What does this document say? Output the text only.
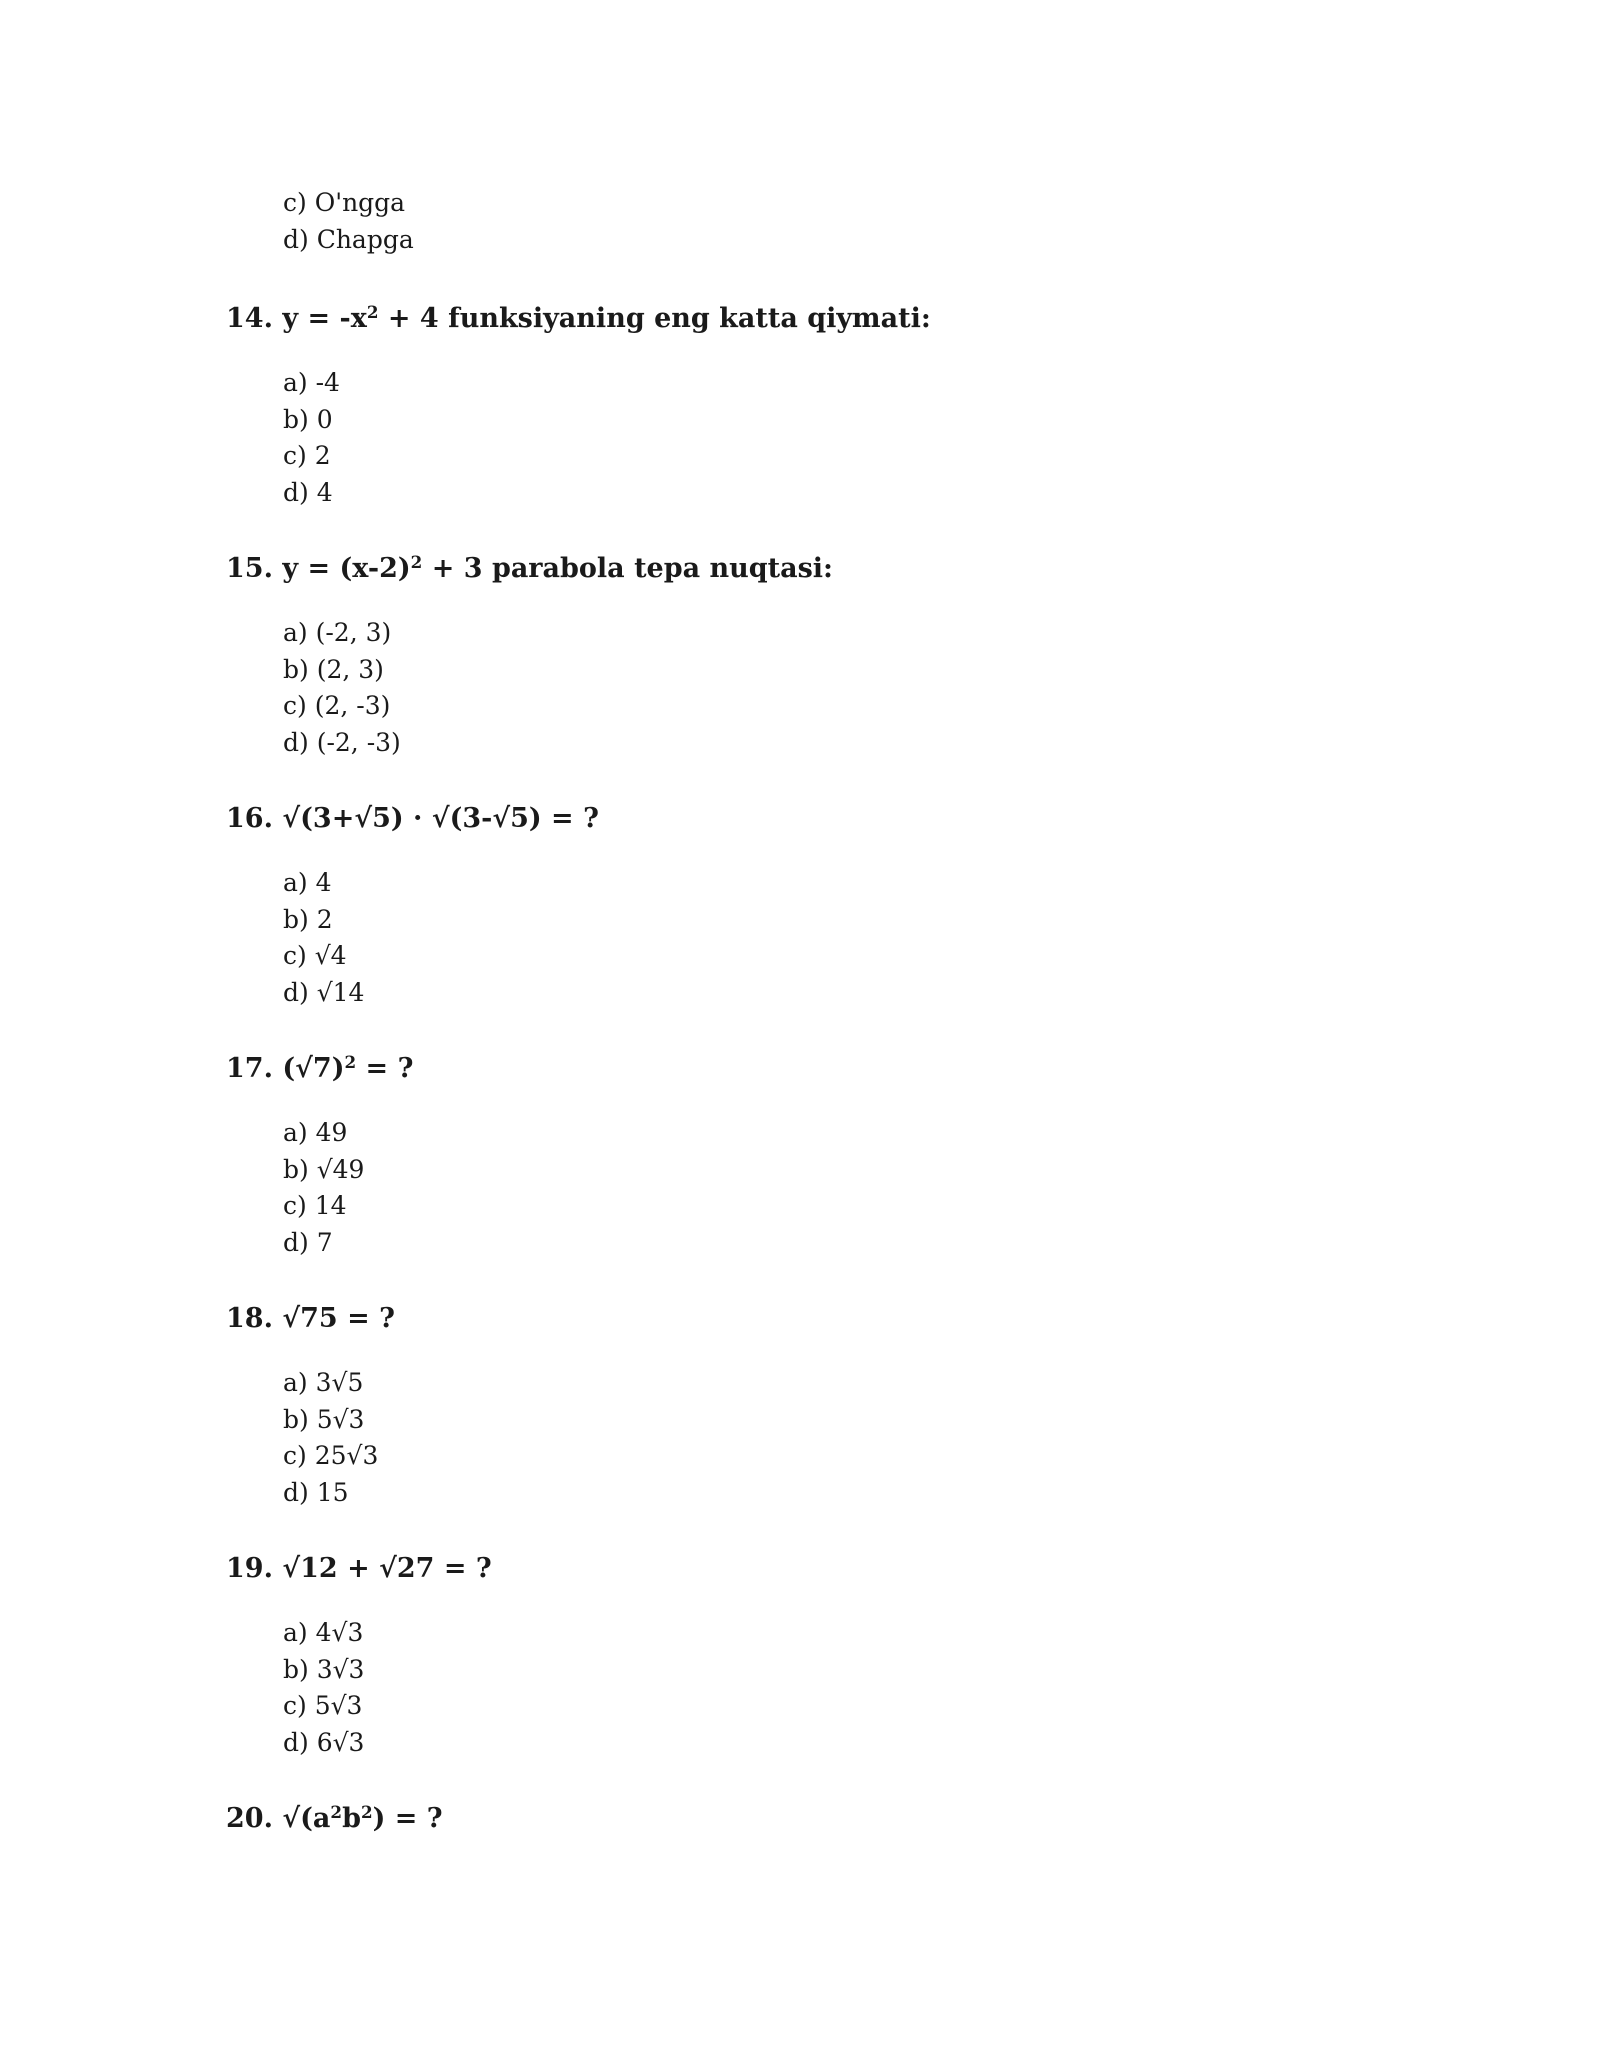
c) O'ngga
d) Chapga
14. $y = -x^2 + 4$ funksiyaning eng katta qiymati:
a) -4
b) 0
c) 2
d) 4
15. $y = (x-2)^2 + 3$ parabola tepa nuqtasi:
a) (-2, 3)
b) (2, 3)
c) (2, -3)
d) (-2, -3)
16. √(3+√5) · √(3-√5) = ?
a) 4
b) 2
c) √4
d) √14
17. $(√7)^2$ = ?
a) 49
b) √49
c) 14
d) 7
18. √75 = ?
a) 3√5
b) 5√3
c) 25√3
d) 15
19. √12 + √27 = ?
a) 4√3
b) 3√3
c) 5√3
d) 6√3
20. $√(a^2b^2)$ = ?
